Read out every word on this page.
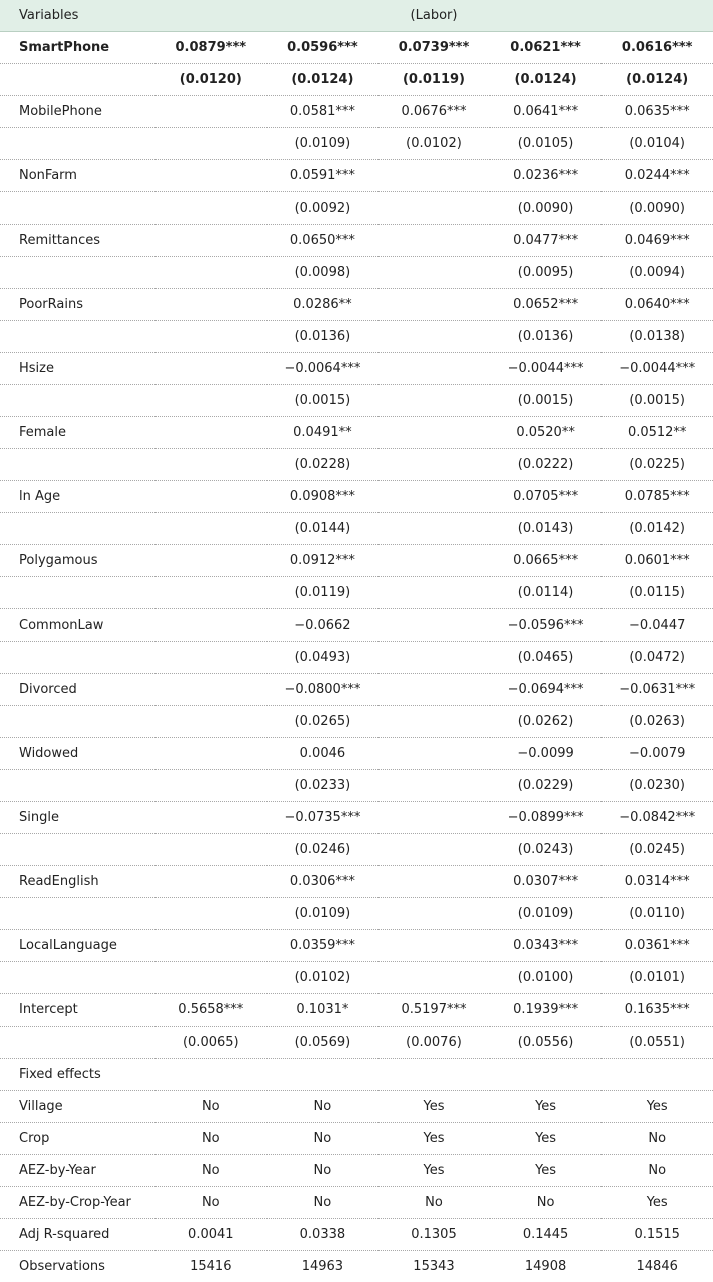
Variables	(Labor)				
SmartPhone	0.0879***	0.0596***	0.0739***	0.0621***	0.0616***
	(0.0120)	(0.0124)	(0.0119)	(0.0124)	(0.0124)
MobilePhone		0.0581***	0.0676***	0.0641***	0.0635***
		(0.0109)	(0.0102)	(0.0105)	(0.0104)
NonFarm		0.0591***		0.0236***	0.0244***
		(0.0092)		(0.0090)	(0.0090)
Remittances		0.0650***		0.0477***	0.0469***
		(0.0098)		(0.0095)	(0.0094)
PoorRains		0.0286**		0.0652***	0.0640***
		(0.0136)		(0.0136)	(0.0138)
Hsize		−0.0064***		−0.0044***	−0.0044***
		(0.0015)		(0.0015)	(0.0015)
Female		0.0491**		0.0520**	0.0512**
		(0.0228)		(0.0222)	(0.0225)
ln Age		0.0908***		0.0705***	0.0785***
		(0.0144)		(0.0143)	(0.0142)
Polygamous		0.0912***		0.0665***	0.0601***
		(0.0119)		(0.0114)	(0.0115)
CommonLaw		−0.0662		−0.0596***	−0.0447
		(0.0493)		(0.0465)	(0.0472)
Divorced		−0.0800***		−0.0694***	−0.0631***
		(0.0265)		(0.0262)	(0.0263)
Widowed		0.0046		−0.0099	−0.0079
		(0.0233)		(0.0229)	(0.0230)
Single		−0.0735***		−0.0899***	−0.0842***
		(0.0246)		(0.0243)	(0.0245)
ReadEnglish		0.0306***		0.0307***	0.0314***
		(0.0109)		(0.0109)	(0.0110)
LocalLanguage		0.0359***		0.0343***	0.0361***
		(0.0102)		(0.0100)	(0.0101)
Intercept	0.5658***	0.1031*	0.5197***	0.1939***	0.1635***
	(0.0065)	(0.0569)	(0.0076)	(0.0556)	(0.0551)
Fixed effects					
Village	No	No	Yes	Yes	Yes
Crop	No	No	Yes	Yes	No
AEZ-by-Year	No	No	Yes	Yes	No
AEZ-by-Crop-Year	No	No	No	No	Yes
Adj R-squared	0.0041	0.0338	0.1305	0.1445	0.1515
Observations	15416	14963	15343	14908	14846
